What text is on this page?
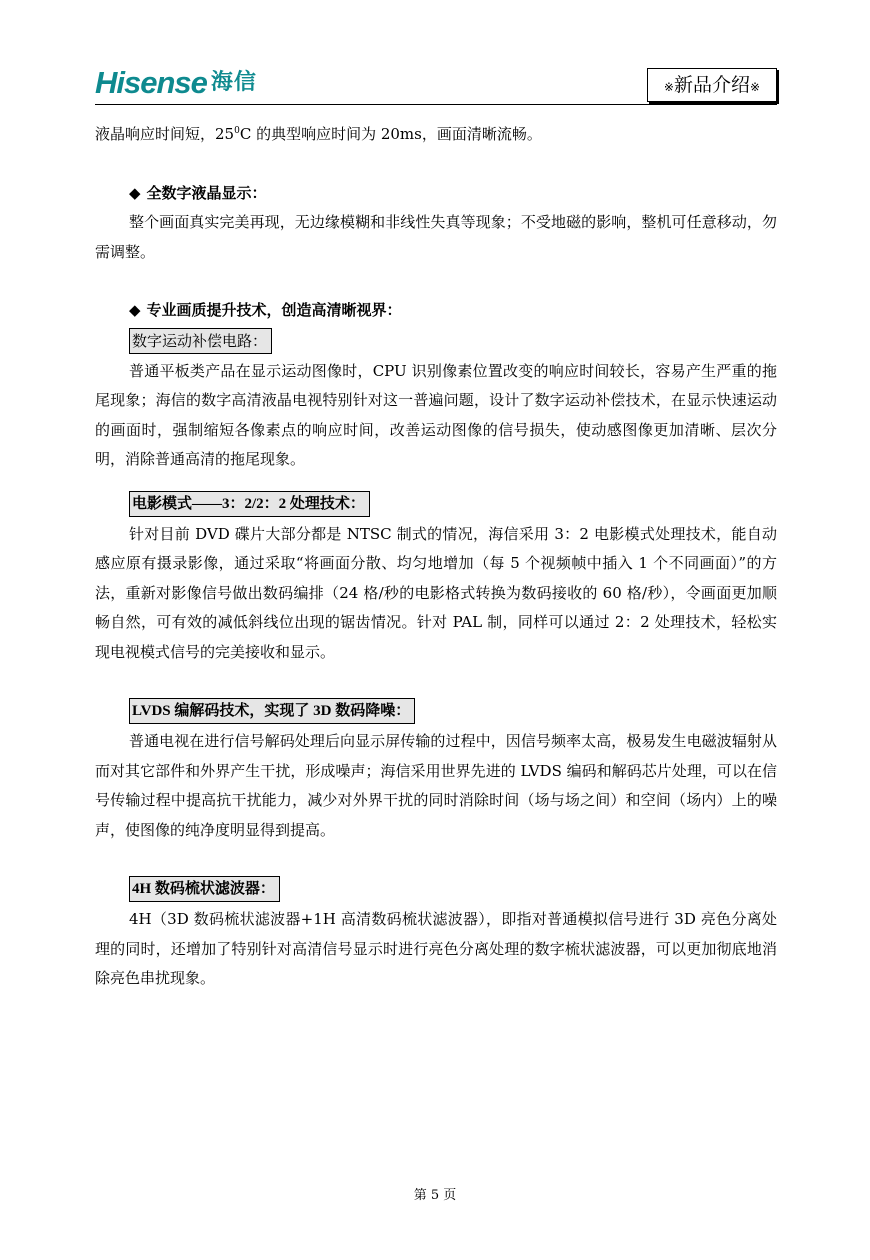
Hisense 海信	※新品介绍※

液晶响应时间短，$25^0C$ 的典型响应时间为 20ms，画面清晰流畅。

◆ 全数字液晶显示：

整个画面真实完美再现，无边缘模糊和非线性失真等现象；不受地磁的影响，整机可任意移动，勿需调整。

◆ 专业画质提升技术，创造高清晰视界：
数字运动补偿电路：

普通平板类产品在显示运动图像时，CPU 识别像素位置改变的响应时间较长，容易产生严重的拖尾现象；海信的数字高清液晶电视特别针对这一普遍问题，设计了数字运动补偿技术，在显示快速运动的画面时，强制缩短各像素点的响应时间，改善运动图像的信号损失，使动感图像更加清晰、层次分明，消除普通高清的拖尾现象。

电影模式——3：2/2：2 处理技术：

针对目前 DVD 碟片大部分都是 NTSC 制式的情况，海信采用 3：2 电影模式处理技术，能自动感应原有摄录影像，通过采取“将画面分散、均匀地增加（每 5 个视频帧中插入 1 个不同画面）”的方法，重新对影像信号做出数码编排（24 格/秒的电影格式转换为数码接收的 60 格/秒），令画面更加顺畅自然，可有效的减低斜线位出现的锯齿情况。针对 PAL 制，同样可以通过 2：2 处理技术，轻松实现电视模式信号的完美接收和显示。

LVDS 编解码技术，实现了 3D 数码降噪：

普通电视在进行信号解码处理后向显示屏传输的过程中，因信号频率太高，极易发生电磁波辐射从而对其它部件和外界产生干扰，形成噪声；海信采用世界先进的 LVDS 编码和解码芯片处理，可以在信号传输过程中提高抗干扰能力，减少对外界干扰的同时消除时间（场与场之间）和空间（场内）上的噪声，使图像的纯净度明显得到提高。

4H 数码梳状滤波器：

4H（3D 数码梳状滤波器+1H 高清数码梳状滤波器），即指对普通模拟信号进行 3D 亮色分离处理的同时，还增加了特别针对高清信号显示时进行亮色分离处理的数字梳状滤波器，可以更加彻底地消除亮色串扰现象。

第 5 页
